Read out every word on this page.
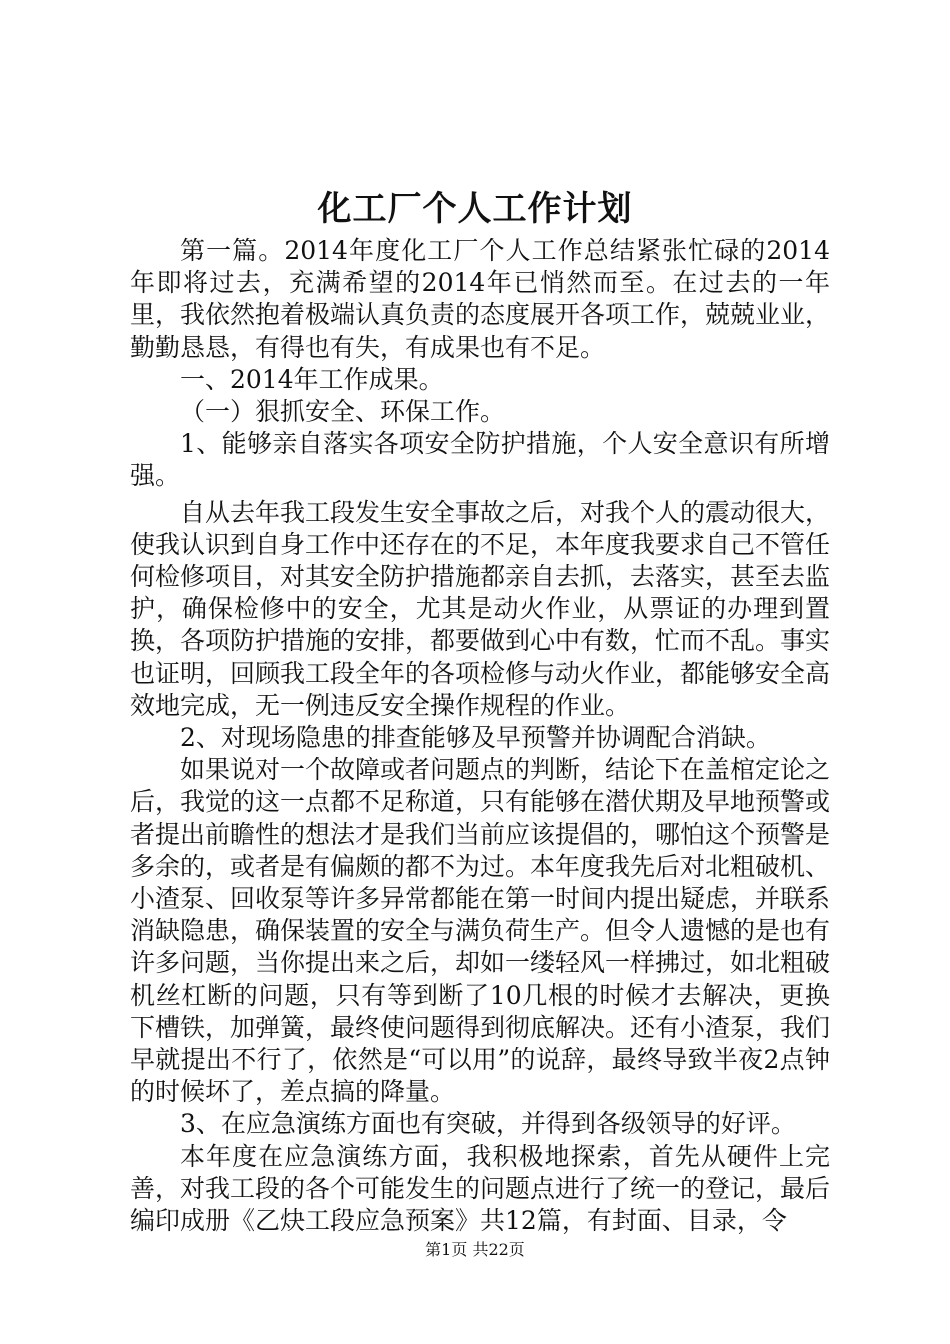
化工厂个人工作计划

第一篇。2014年度化工厂个人工作总结紧张忙碌的2014年即将过去，充满希望的2014年已悄然而至。在过去的一年里，我依然抱着极端认真负责的态度展开各项工作，兢兢业业，勤勤恳恳，有得也有失，有成果也有不足。

一、2014年工作成果。

（一）狠抓安全、环保工作。

1、能够亲自落实各项安全防护措施，个人安全意识有所增强。

自从去年我工段发生安全事故之后，对我个人的震动很大，使我认识到自身工作中还存在的不足，本年度我要求自己不管任何检修项目，对其安全防护措施都亲自去抓，去落实，甚至去监护，确保检修中的安全，尤其是动火作业，从票证的办理到置换，各项防护措施的安排，都要做到心中有数，忙而不乱。事实也证明，回顾我工段全年的各项检修与动火作业，都能够安全高效地完成，无一例违反安全操作规程的作业。

2、对现场隐患的排查能够及早预警并协调配合消缺。

如果说对一个故障或者问题点的判断，结论下在盖棺定论之后，我觉的这一点都不足称道，只有能够在潜伏期及早地预警或者提出前瞻性的想法才是我们当前应该提倡的，哪怕这个预警是多余的，或者是有偏颇的都不为过。本年度我先后对北粗破机、小渣泵、回收泵等许多异常都能在第一时间内提出疑虑，并联系消缺隐患，确保装置的安全与满负荷生产。但令人遗憾的是也有许多问题，当你提出来之后，却如一缕轻风一样拂过，如北粗破机丝杠断的问题，只有等到断了10几根的时候才去解决，更换下槽铁，加弹簧，最终使问题得到彻底解决。还有小渣泵，我们早就提出不行了，依然是“可以用”的说辞，最终导致半夜2点钟的时候坏了，差点搞的降量。

3、在应急演练方面也有突破，并得到各级领导的好评。

本年度在应急演练方面，我积极地探索，首先从硬件上完善，对我工段的各个可能发生的问题点进行了统一的登记，最后编印成册《乙炔工段应急预案》共12篇，有封面、目录，令

第1页 共22页
